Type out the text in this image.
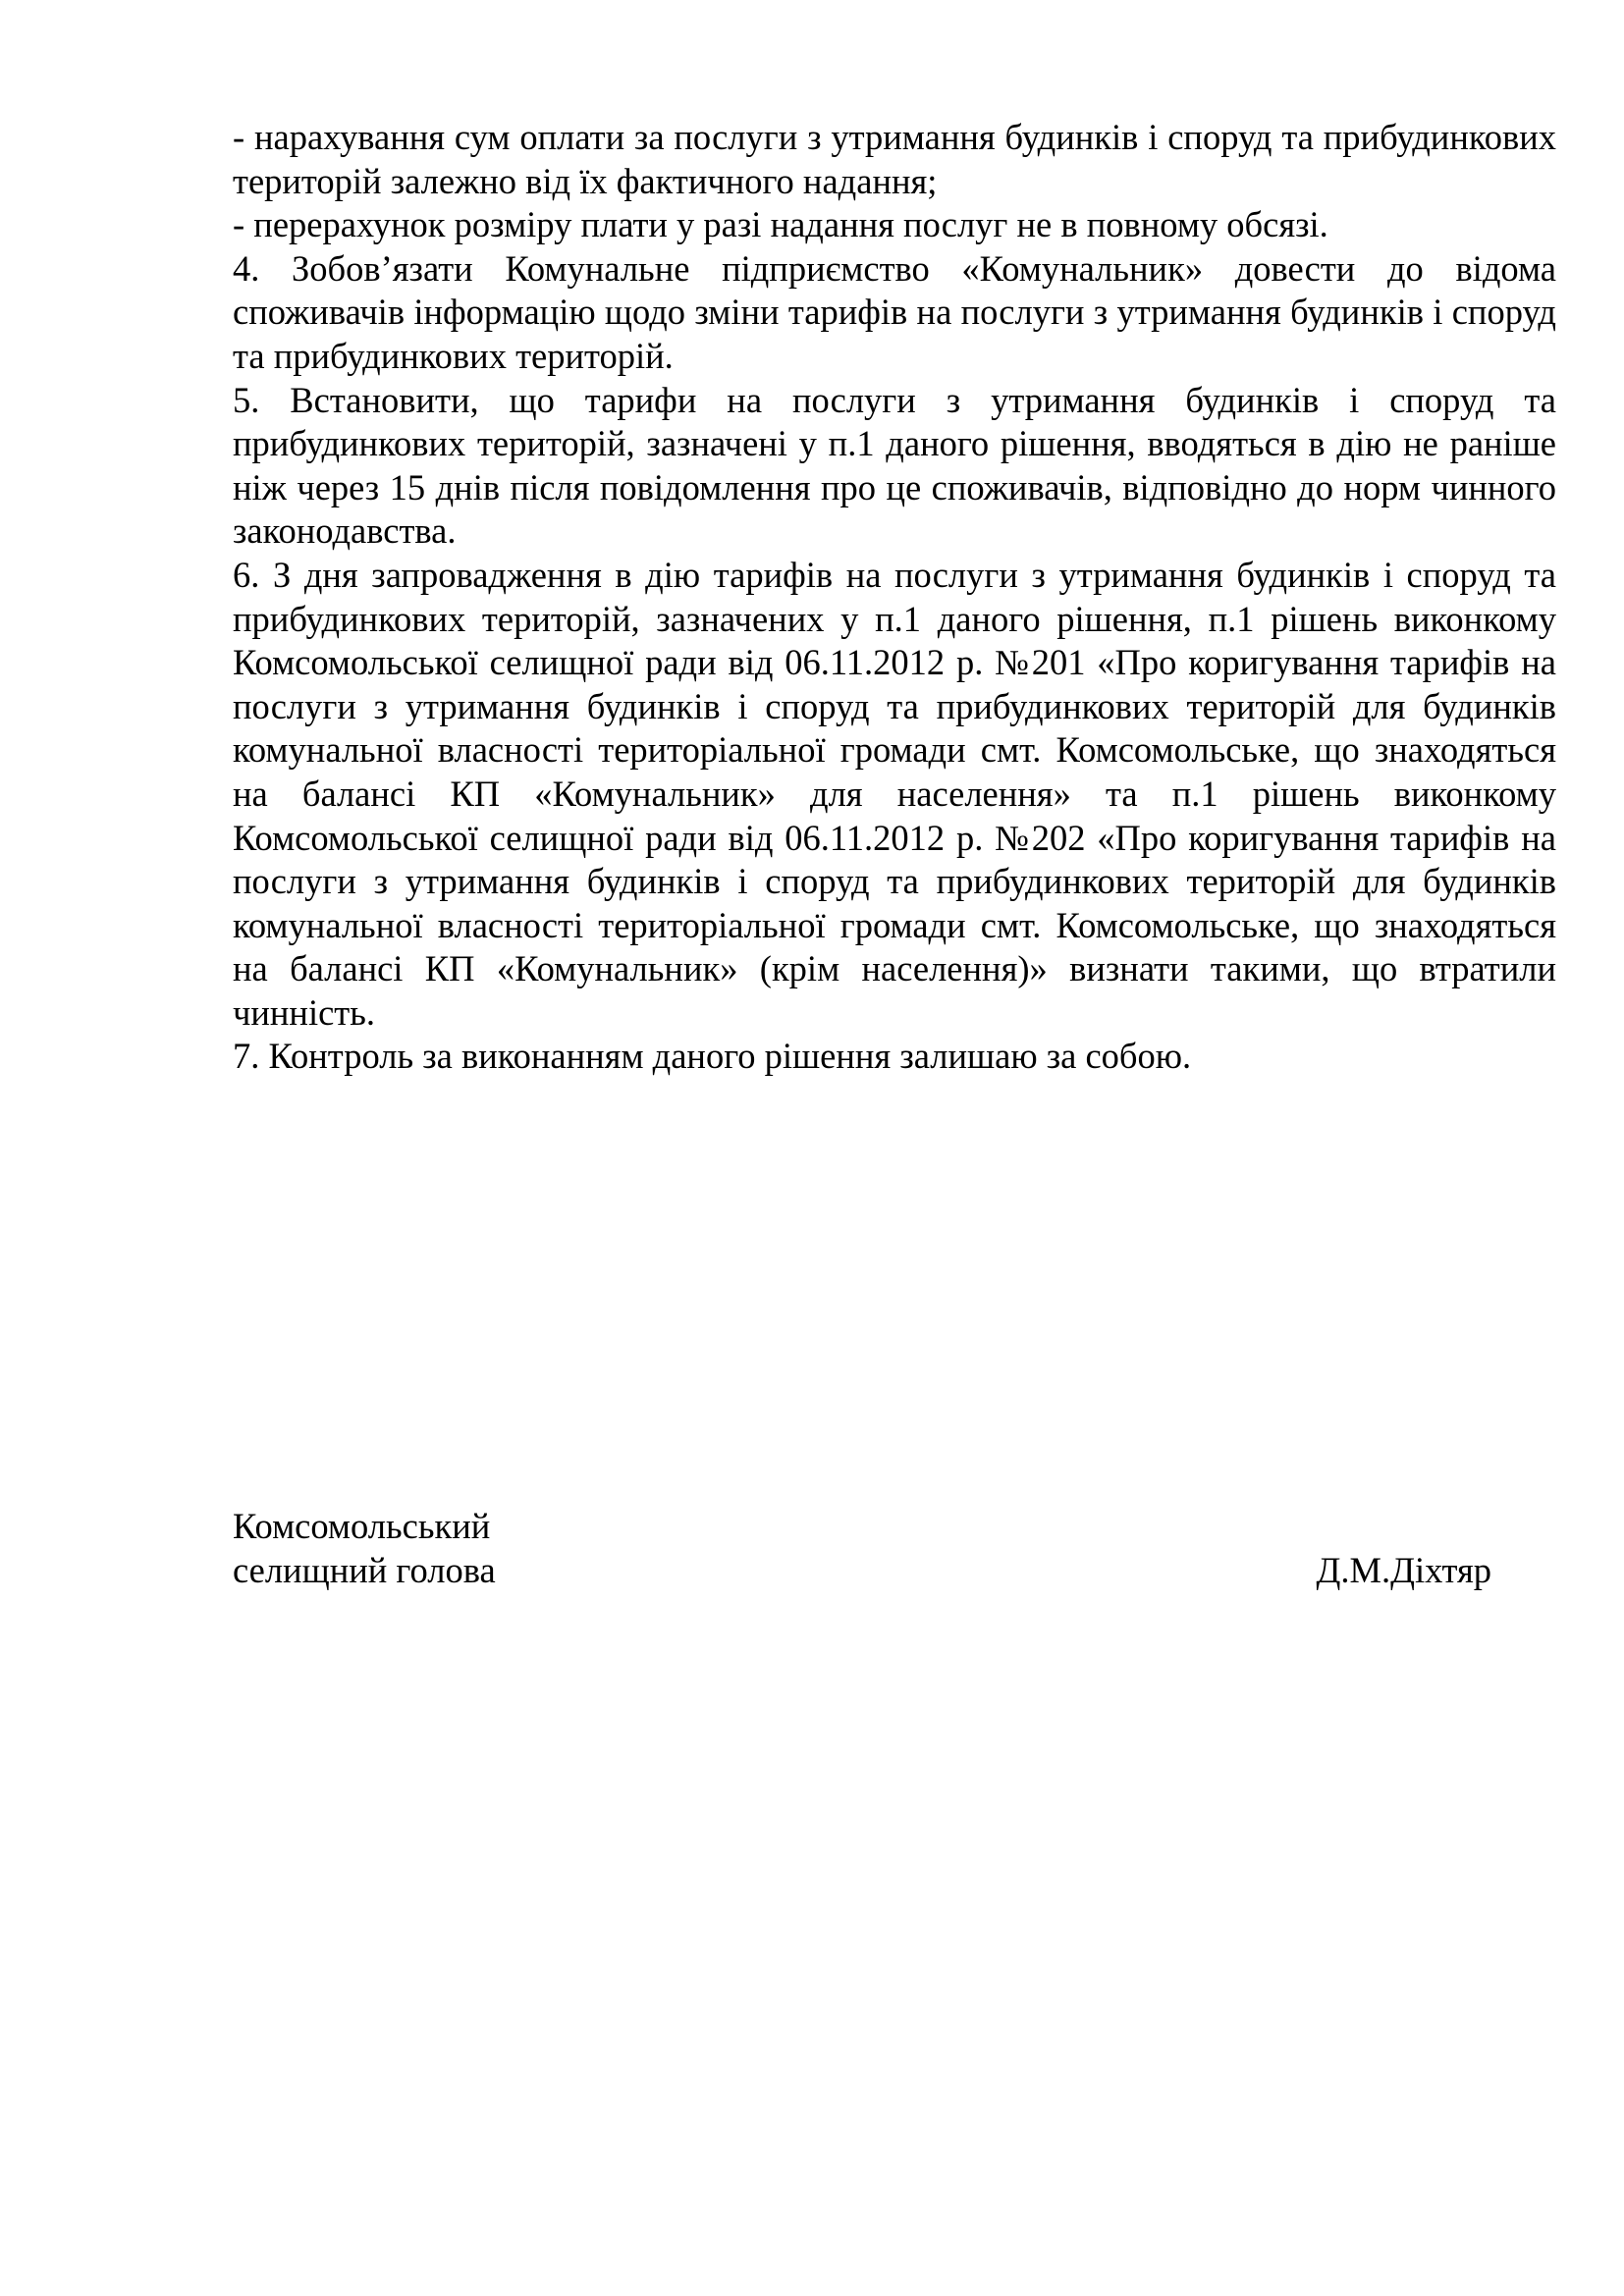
- нарахування сум оплати за послуги з утримання будинків і споруд та прибудинкових територій залежно від їх фактичного надання;

- перерахунок розміру плати у разі надання послуг не в повному обсязі.

4. Зобов’язати Комунальне підприємство «Комунальник» довести до відома споживачів інформацію щодо зміни тарифів на послуги з утримання будинків і споруд та прибудинкових територій.

5. Встановити, що тарифи на послуги з утримання будинків і споруд та прибудинкових територій, зазначені у п.1 даного рішення, вводяться в дію не раніше ніж через 15 днів після повідомлення про це споживачів, відповідно до норм чинного законодавства.

6. З дня запровадження в дію тарифів на послуги з утримання будинків і споруд та прибудинкових територій, зазначених у п.1 даного рішення, п.1 рішень виконкому Комсомольської селищної ради від 06.11.2012 р. №201 «Про коригування тарифів на послуги з утримання будинків і споруд та прибудинкових територій для будинків комунальної власності територіальної громади смт. Комсомольське, що знаходяться на балансі КП «Комунальник» для населення» та п.1 рішень виконкому Комсомольської селищної ради від 06.11.2012 р. №202 «Про коригування тарифів на послуги з утримання будинків і споруд та прибудинкових територій для будинків комунальної власності територіальної громади смт. Комсомольське, що знаходяться на балансі КП «Комунальник» (крім населення)» визнати такими, що втратили чинність.

7. Контроль за виконанням даного рішення залишаю за собою.

Комсомольський
селищний голова	Д.М.Діхтяр
